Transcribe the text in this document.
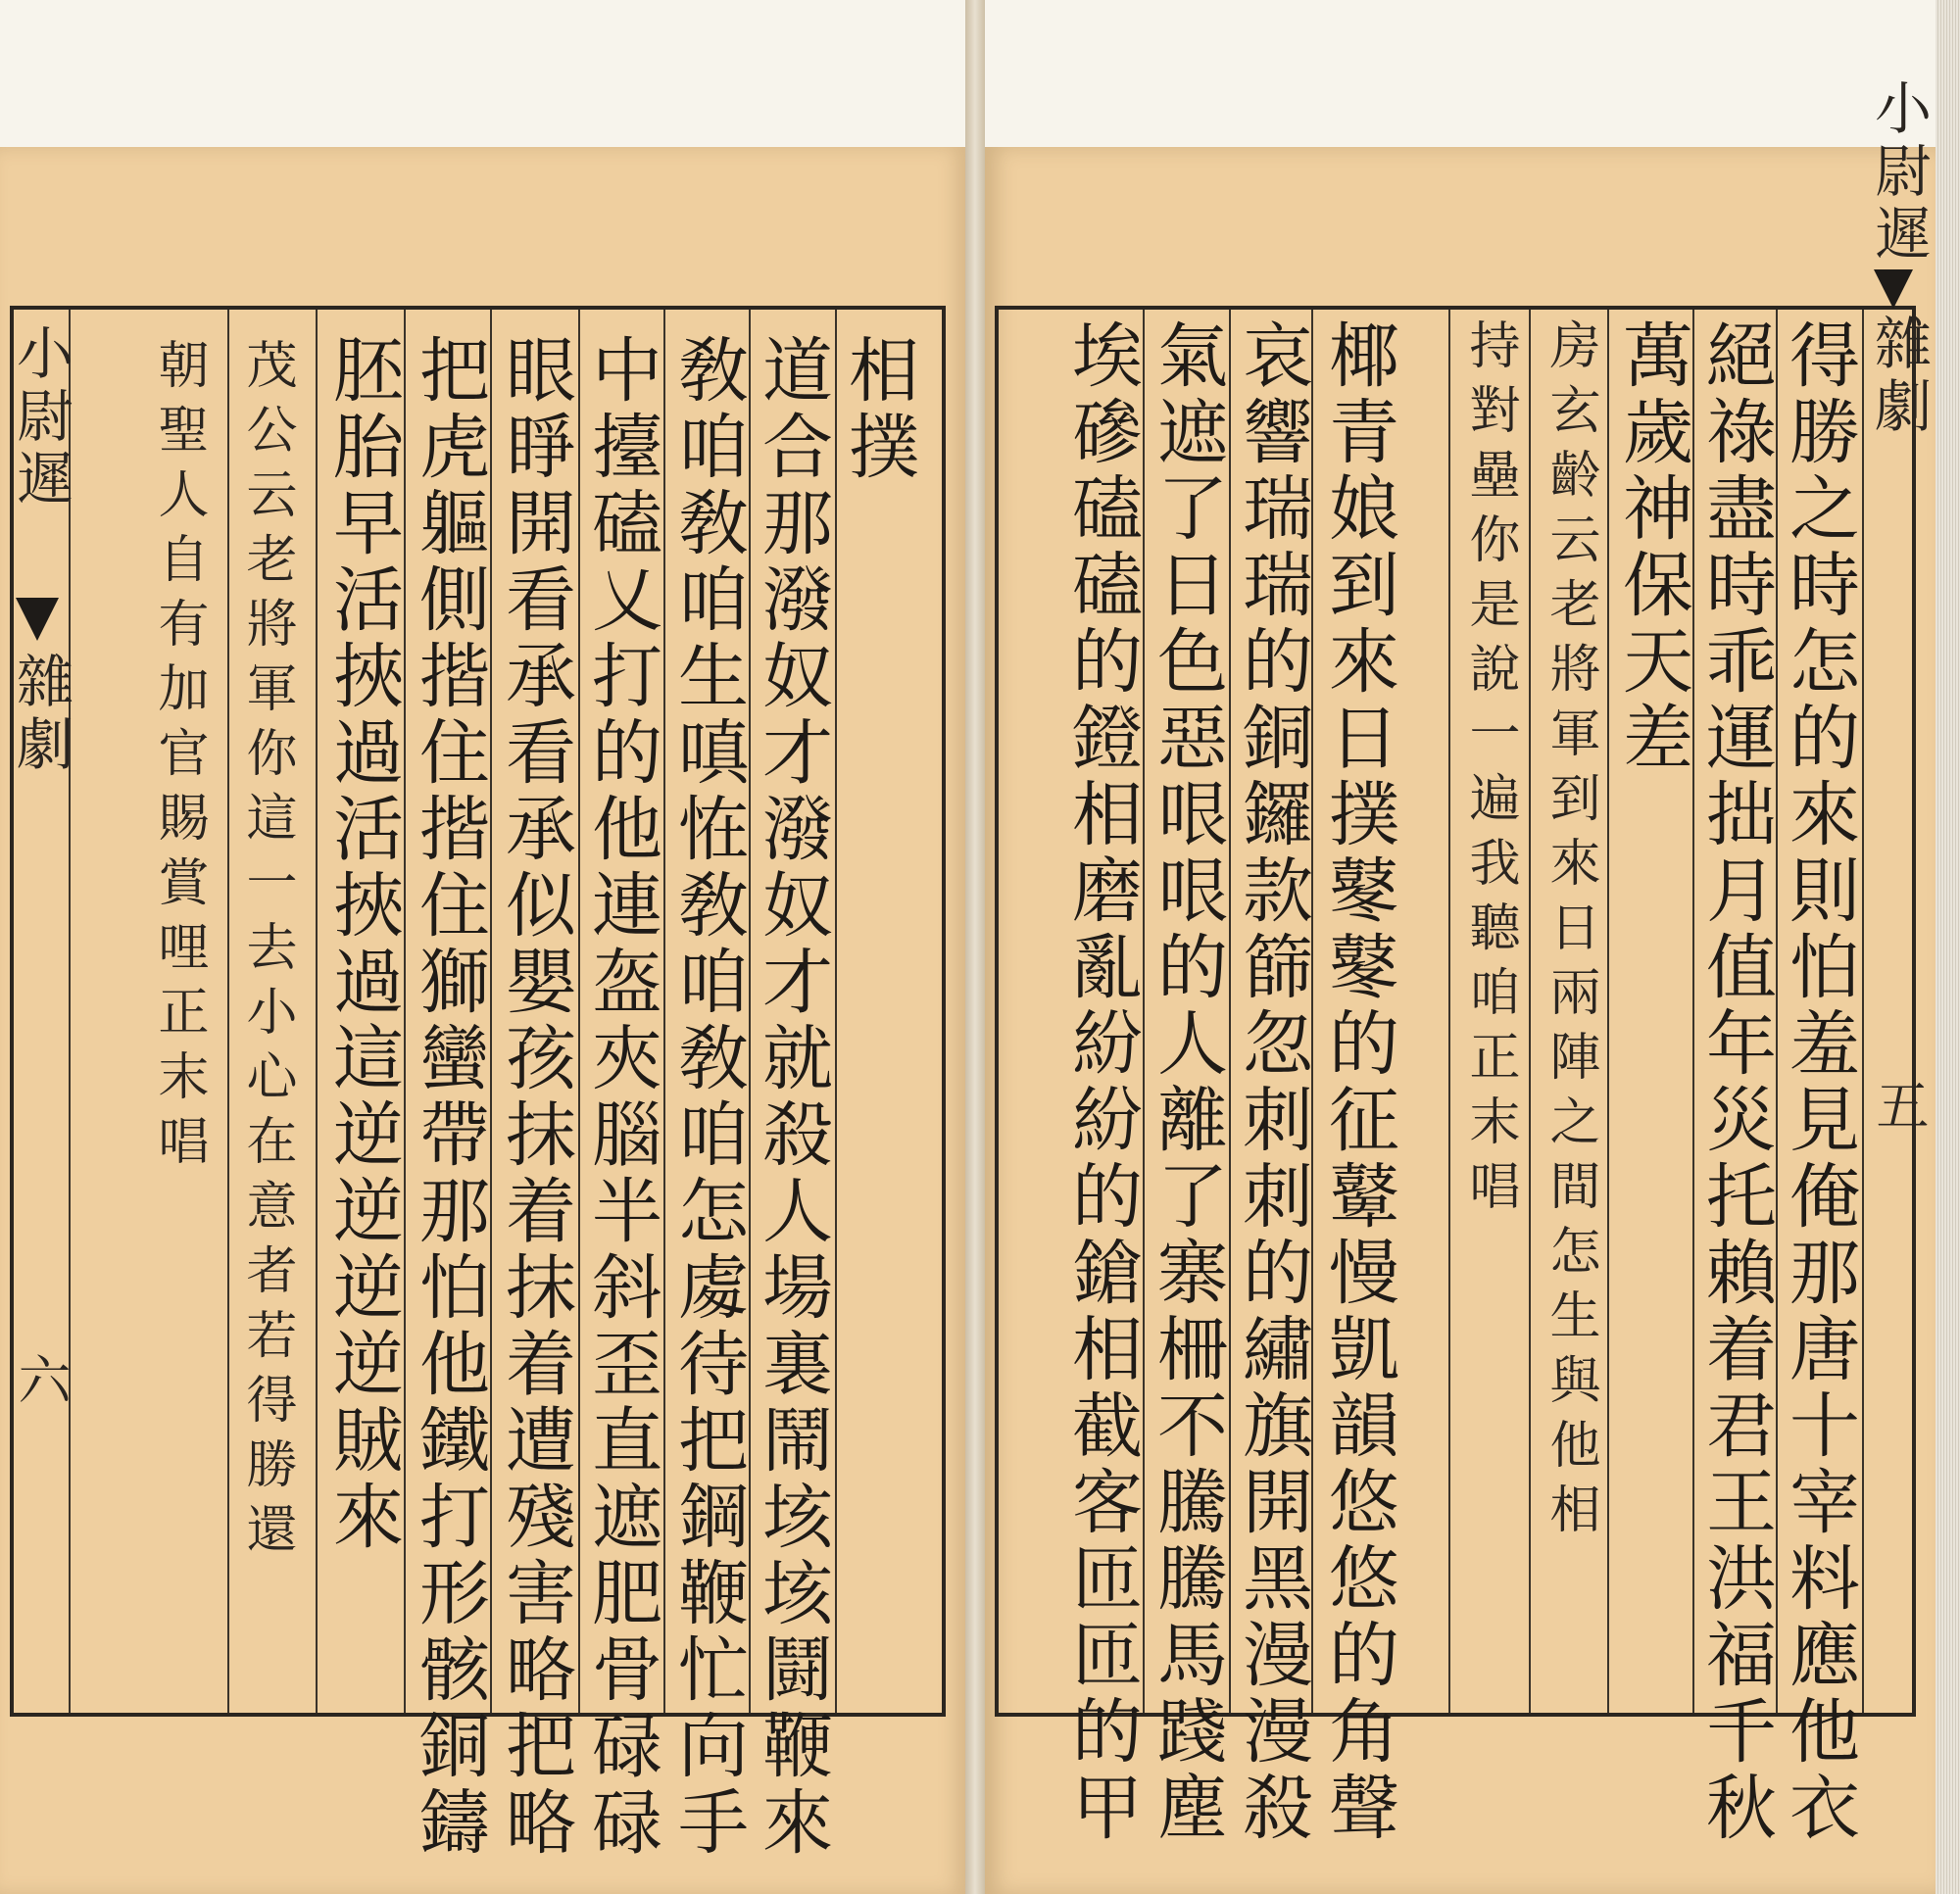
小尉遲
雜劇
五
得勝之時怎的來則怕羞見俺那唐十宰料應他衣
絕祿盡時乖運拙月值年災托賴着君王洪福千秋
萬歲神保天差
房玄齡云老將軍到來日兩陣之間怎生與他相
持對壘你是說一遍我聽咱正末唱
椰青娘到來日撲鼕鼕的征鼙慢凱韻悠悠的角聲
哀響瑞瑞的銅鑼款篩忽刺刺的繡旗開黑漫漫殺
氣遮了日色惡哏哏的人離了寨柵不騰騰馬踐塵
埃磣磕磕的鐙相磨亂紛紛的鎗相截客匝匝的甲
小尉遲
雜劇
六
相撲
道合那潑奴才潑奴才就殺人場裏鬧垓垓鬪鞭來
敎咱敎咱生嗔恠敎咱敎咱怎䖏待把鋼鞭忙向手
中擡磕乂打的他連盔夾腦半斜歪直遮肥骨碌碌
眼睜開看承看承似嬰孩抹着抹着遭殘害略把略
把虎軀側揩住揩住獅蠻帶那怕他鐵打形骸銅鑄
胚胎早活挾過活挾過這逆逆逆逆賊來
茂公云老將軍你這一去小心在意者若得勝還
朝聖人自有加官賜賞哩正末唱
